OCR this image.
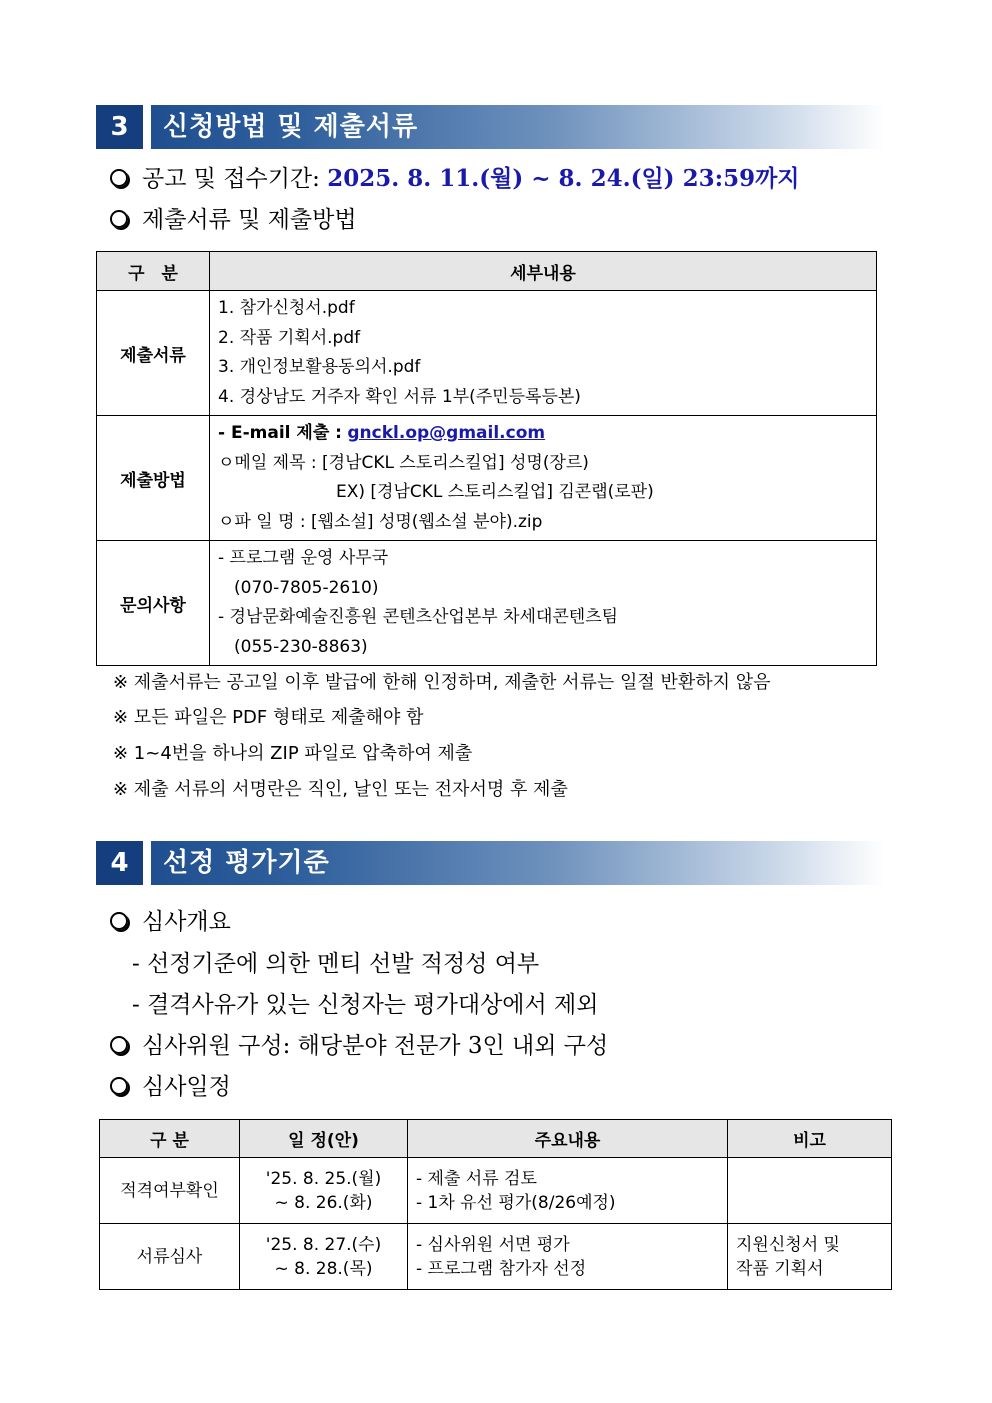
3	신청방법 및 제출서류
공고 및 접수기간: 2025. 8. 11.(월) ~ 8. 24.(일) 23:59까지
제출서류 및 제출방법
구　분	세부내용
제출서류	1. 참가신청서.pdf
2. 작품 기획서.pdf
3. 개인정보활용동의서.pdf
4. 경상남도 거주자 확인 서류 1부(주민등록등본)

제출방법	- E-mail 제출 : gnckl.op@gmail.com
ㅇ메일 제목 : [경남CKL 스토리스킬업] 성명(장르)
EX) [경남CKL 스토리스킬업] 김콘랩(로판)
ㅇ파 일 명 : [웹소설] 성명(웹소설 분야).zip

문의사항	- 프로그램 운영 사무국
(070-7805-2610)
- 경남문화예술진흥원 콘텐츠산업본부 차세대콘텐츠팀
(055-230-8863)
※ 제출서류는 공고일 이후 발급에 한해 인정하며, 제출한 서류는 일절 반환하지 않음
※ 모든 파일은 PDF 형태로 제출해야 함
※ 1~4번을 하나의 ZIP 파일로 압축하여 제출
※ 제출 서류의 서명란은 직인, 날인 또는 전자서명 후 제출
4	선정 평가기준
심사개요
- 선정기준에 의한 멘티 선발 적정성 여부
- 결격사유가 있는 신청자는 평가대상에서 제외
심사위원 구성: 해당분야 전문가 3인 내외 구성
심사일정
구 분	일 정(안)	주요내용	비고
적격여부확인	'25. 8. 25.(월)
~ 8. 26.(화)	- 제출 서류 검토
- 1차 유선 평가(8/26예정)	

서류심사	'25. 8. 27.(수)
~ 8. 28.(목)	- 심사위원 서면 평가
- 프로그램 참가자 선정	지원신청서 및
작품 기획서
